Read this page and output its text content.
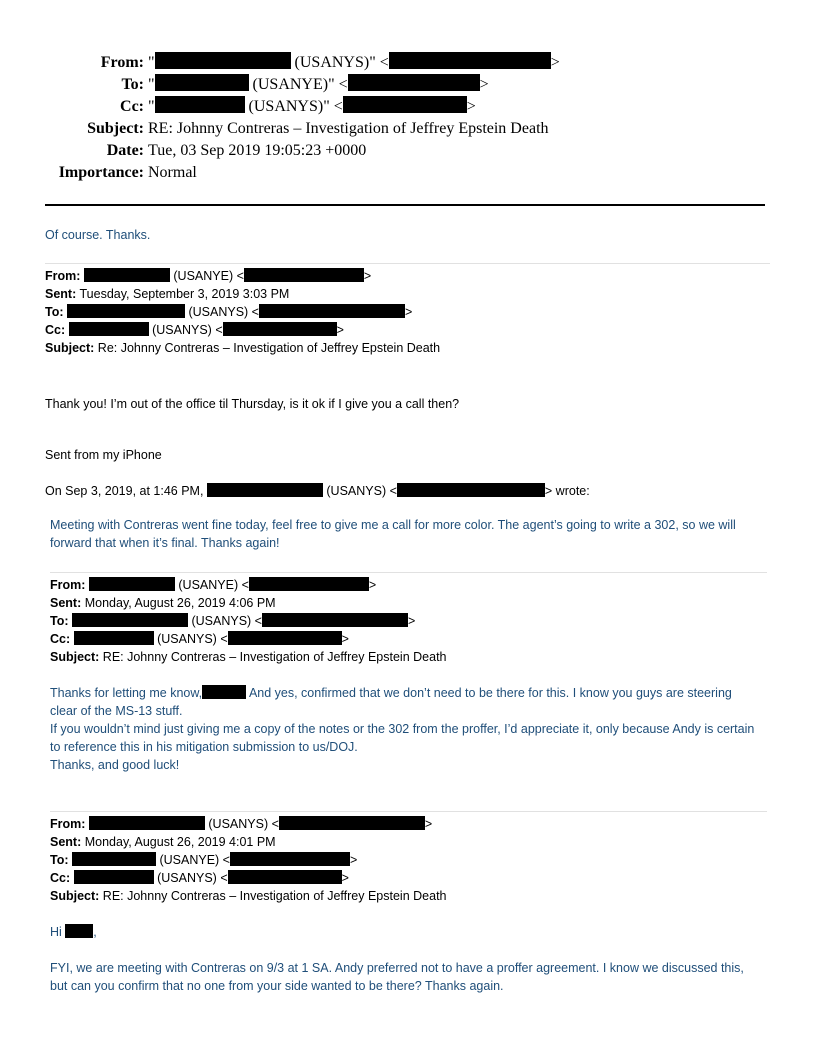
From: "	(USANYS)" <	>
To: "	(USANYE)" <	>
Cc: "	(USANYS)" <	>
Subject: RE: Johnny Contreras – Investigation of Jeffrey Epstein Death
Date: Tue, 03 Sep 2019 19:05:23 +0000
Importance: Normal
Of course. Thanks.
From:	(USANYE) <	>
Sent: Tuesday, September 3, 2019 3:03 PM
To:	(USANYS) <	>
Cc:	(USANYS) <	>
Subject: Re: Johnny Contreras – Investigation of Jeffrey Epstein Death
Thank you! I’m out of the office til Thursday, is it ok if I give you a call then?
Sent from my iPhone
On Sep 3, 2019, at 1:46 PM,	(USANYS) <	> wrote:
Meeting with Contreras went fine today, feel free to give me a call for more color. The agent’s going to write a 302, so we will forward that when it’s final. Thanks again!
From:	(USANYE) <	>
Sent: Monday, August 26, 2019 4:06 PM
To:	(USANYS) <	>
Cc:	(USANYS) <	>
Subject: RE: Johnny Contreras – Investigation of Jeffrey Epstein Death
Thanks for letting me know,	And yes, confirmed that we don’t need to be there for this. I know you guys are steering clear of the MS-13 stuff.
If you wouldn’t mind just giving me a copy of the notes or the 302 from the proffer, I’d appreciate it, only because Andy is certain to reference this in his mitigation submission to us/DOJ.
Thanks, and good luck!
From:	(USANYS) <	>
Sent: Monday, August 26, 2019 4:01 PM
To:	(USANYE) <	>
Cc:	(USANYS) <	>
Subject: RE: Johnny Contreras – Investigation of Jeffrey Epstein Death
Hi ,
FYI, we are meeting with Contreras on 9/3 at 1 SA. Andy preferred not to have a proffer agreement. I know we discussed this, but can you confirm that no one from your side wanted to be there? Thanks again.
